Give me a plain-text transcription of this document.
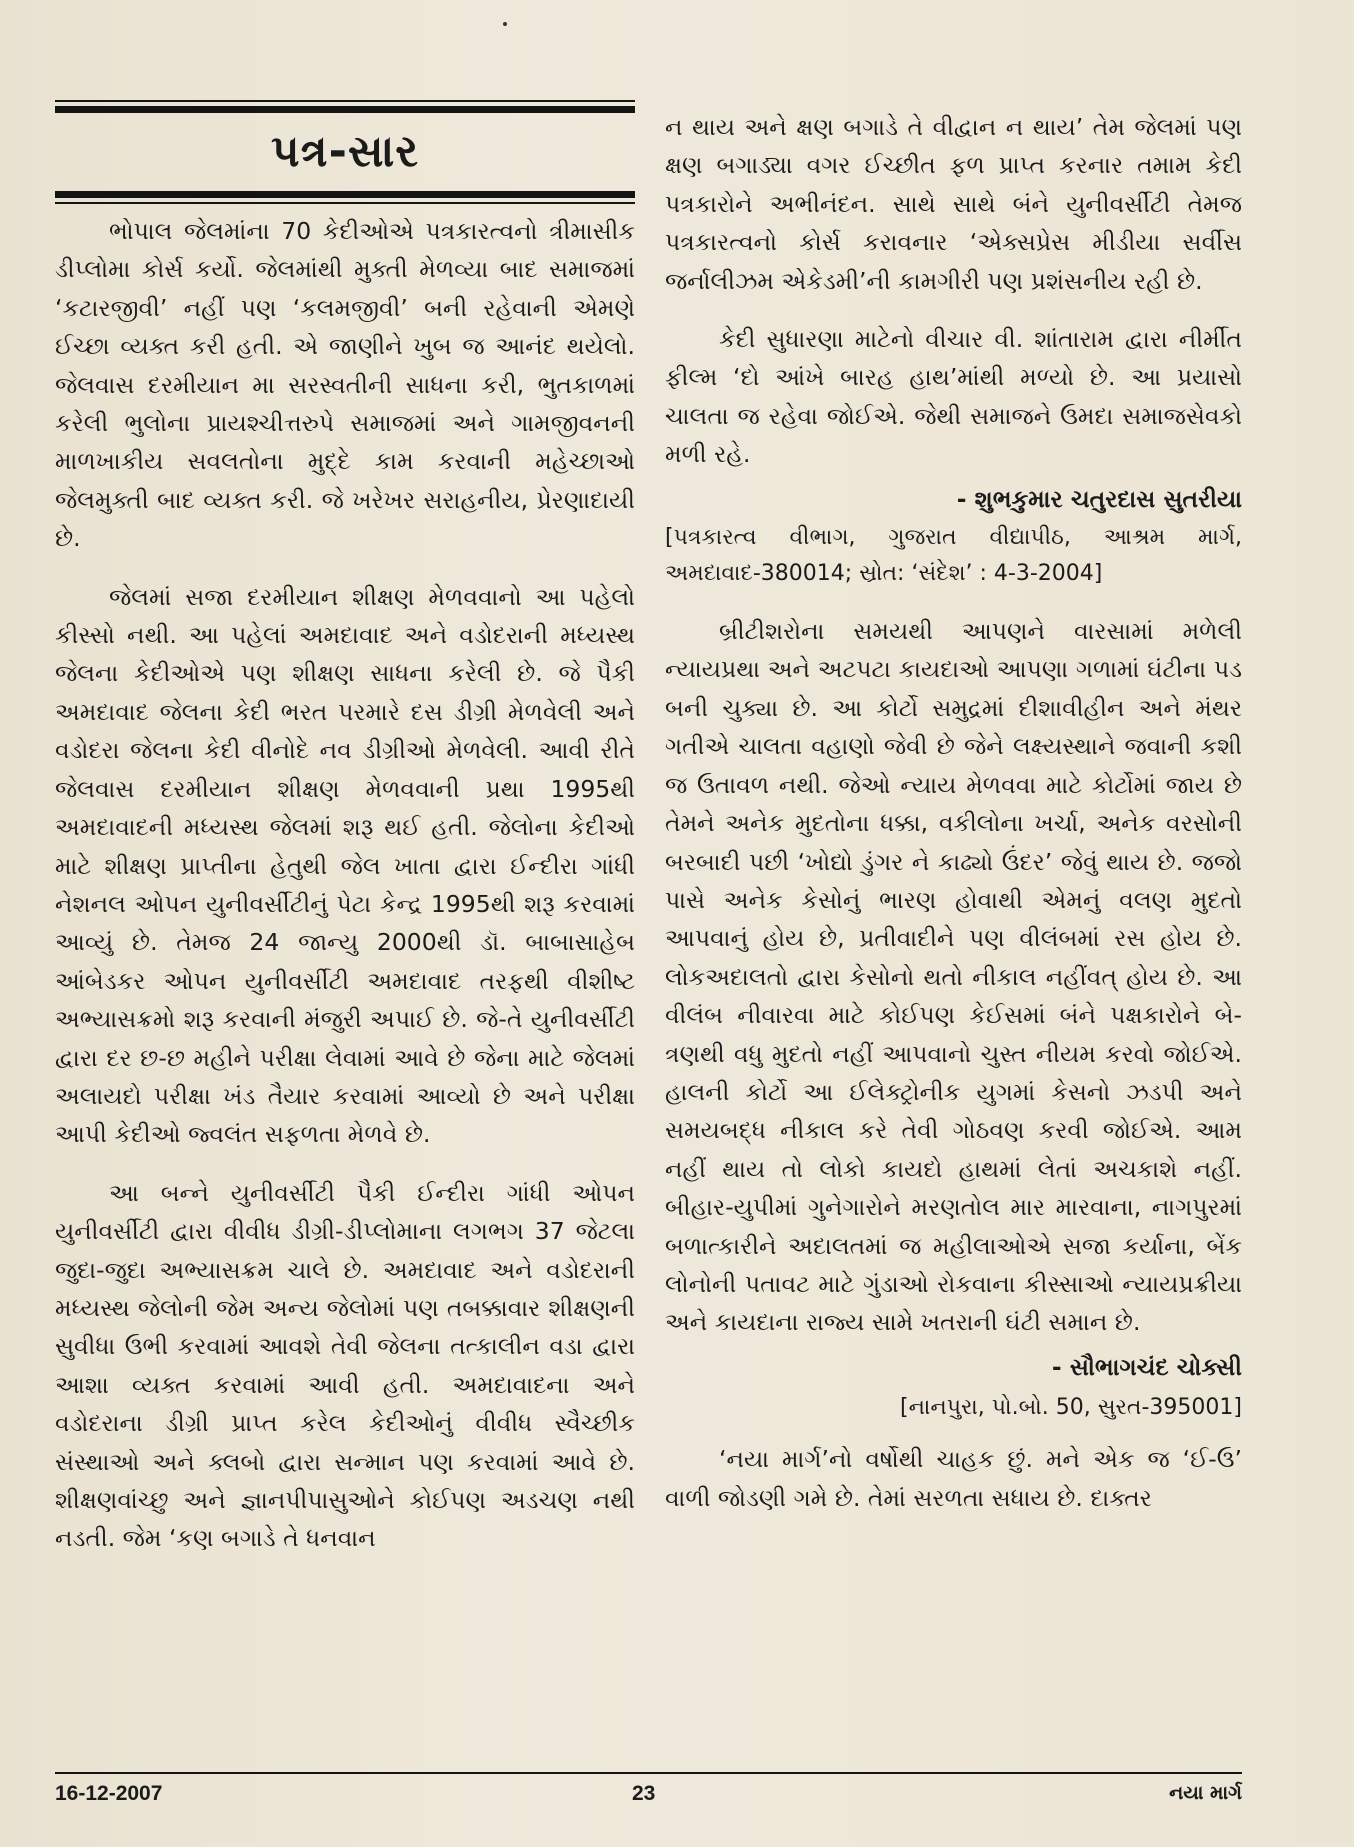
પત્ર-સાર

ભોપાલ જેલમાંના 70 કેદીઓએ પત્રકારત્વનો ત્રીમાસીક ડીપ્લોમા કોર્સ કર્યો. જેલમાંથી મુક્તી મેળવ્યા બાદ સમાજમાં ‘કટારજીવી’ નહીં પણ ‘કલમજીવી’ બની રહેવાની એમણે ઈચ્છા વ્યક્ત કરી હતી. એ જાણીને ખુબ જ આનંદ થયેલો. જેલવાસ દરમીયાન મા સરસ્વતીની સાધના કરી, ભુતકાળમાં કરેલી ભુલોના પ્રાયશ્ચીત્તરુપે સમાજમાં અને ગામજીવનની માળખાકીય સવલતોના મુદ્દે કામ કરવાની મહેચ્છાઓ જેલમુક્તી બાદ વ્યક્ત કરી. જે ખરેખર સરાહનીય, પ્રેરણાદાયી છે.

જેલમાં સજા દરમીયાન શીક્ષણ મેળવવાનો આ પહેલો કીસ્સો નથી. આ પહેલાં અમદાવાદ અને વડોદરાની મધ્યસ્થ જેલના કેદીઓએ પણ શીક્ષણ સાધના કરેલી છે. જે પૈકી અમદાવાદ જેલના કેદી ભરત પરમારે દસ ડીગ્રી મેળવેલી અને વડોદરા જેલના કેદી વીનોદે નવ ડીગ્રીઓ મેળવેલી. આવી રીતે જેલવાસ દરમીયાન શીક્ષણ મેળવવાની પ્રથા 1995થી અમદાવાદની મધ્યસ્થ જેલમાં શરૂ થઈ હતી. જેલોના કેદીઓ માટે શીક્ષણ પ્રાપ્તીના હેતુથી જેલ ખાતા દ્વારા ઈન્દીરા ગાંધી નેશનલ ઓપન યુનીવર્સીટીનું પેટા કેન્દ્ર 1995થી શરૂ કરવામાં આવ્યું છે. તેમજ 24 જાન્યુ 2000થી ડૉ. બાબાસાહેબ આંબેડકર ઓપન યુનીવર્સીટી અમદાવાદ તરફથી વીશીષ્ટ અભ્યાસક્રમો શરૂ કરવાની મંજુરી અપાઈ છે. જે-તે યુનીવર્સીટી દ્વારા દર છ-છ મહીને પરીક્ષા લેવામાં આવે છે જેના માટે જેલમાં અલાયદો પરીક્ષા ખંડ તૈયાર કરવામાં આવ્યો છે અને પરીક્ષા આપી કેદીઓ જ્વલંત સફળતા મેળવે છે.

આ બન્ને યુનીવર્સીટી પૈકી ઈન્દીરા ગાંધી ઓપન યુનીવર્સીટી દ્વારા વીવીધ ડીગ્રી-ડીપ્લોમાના લગભગ 37 જેટલા જુદા-જુદા અભ્યાસક્રમ ચાલે છે. અમદાવાદ અને વડોદરાની મધ્યસ્થ જેલોની જેમ અન્ય જેલોમાં પણ તબક્કાવાર શીક્ષણની સુવીધા ઉભી કરવામાં આવશે તેવી જેલના તત્કાલીન વડા દ્વારા આશા વ્યક્ત કરવામાં આવી હતી. અમદાવાદના અને વડોદરાના ડીગ્રી પ્રાપ્ત કરેલ કેદીઓનું વીવીધ સ્વૈચ્છીક સંસ્થાઓ અને ક્લબો દ્વારા સન્માન પણ કરવામાં આવે છે. શીક્ષણવાંચ્છુ અને જ્ઞાનપીપાસુઓને કોઈપણ અડચણ નથી નડતી. જેમ ‘કણ બગાડે તે ધનવાન

ન થાય અને ક્ષણ બગાડે તે વીદ્વાન ન થાય’ તેમ જેલમાં પણ ક્ષણ બગાડ્યા વગર ઈચ્છીત ફળ પ્રાપ્ત કરનાર તમામ કેદી પત્રકારોને અભીનંદન. સાથે સાથે બંને યુનીવર્સીટી તેમજ પત્રકારત્વનો કોર્સ કરાવનાર ‘એક્સપ્રેસ મીડીયા સર્વીસ જર્નાલીઝમ એકેડમી’ની કામગીરી પણ પ્રશંસનીય રહી છે.

કેદી સુધારણા માટેનો વીચાર વી. શાંતારામ દ્વારા નીર્મીત ફીલ્મ ‘દો આંખે બારહ હાથ’માંથી મળ્યો છે. આ પ્રયાસો ચાલતા જ રહેવા જોઈએ. જેથી સમાજને ઉમદા સમાજસેવકો મળી રહે.

- શુભકુમાર ચતુરદાસ સુતરીયા
[પત્રકારત્વ વીભાગ, ગુજરાત વીદ્યાપીઠ, આશ્રમ માર્ગ, અમદાવાદ-380014; સ્રોત: ‘સંદેશ’ : 4-3-2004]

બ્રીટીશરોના સમયથી આપણને વારસામાં મળેલી ન્યાયપ્રથા અને અટપટા કાયદાઓ આપણા ગળામાં ઘંટીના પડ બની ચુક્યા છે. આ કોર્ટો સમુદ્રમાં દીશાવીહીન અને મંથર ગતીએ ચાલતા વહાણો જેવી છે જેને લક્ષ્યસ્થાને જવાની કશી જ ઉતાવળ નથી. જેઓ ન્યાય મેળવવા માટે કોર્ટોમાં જાય છે તેમને અનેક મુદતોના ધક્કા, વકીલોના ખર્ચા, અનેક વરસોની બરબાદી પછી ‘ખોદ્યો ડુંગર ને કાઢ્યો ઉંદર’ જેવું થાય છે. જજો પાસે અનેક કેસોનું ભારણ હોવાથી એમનું વલણ મુદતો આપવાનું હોય છે, પ્રતીવાદીને પણ વીલંબમાં રસ હોય છે. લોકઅદાલતો દ્વારા કેસોનો થતો નીકાલ નહીંવત્ હોય છે. આ વીલંબ નીવારવા માટે કોઈપણ કેઈસમાં બંને પક્ષકારોને બે-ત્રણથી વધુ મુદતો નહીં આપવાનો ચુસ્ત નીયમ કરવો જોઈએ. હાલની કોર્ટો આ ઈલેક્ટ્રોનીક યુગમાં કેસનો ઝડપી અને સમયબદ્ધ નીકાલ કરે તેવી ગોઠવણ કરવી જોઈએ. આમ નહીં થાય તો લોકો કાયદો હાથમાં લેતાં અચકાશે નહીં. બીહાર-યુપીમાં ગુનેગારોને મરણતોલ માર મારવાના, નાગપુરમાં બળાત્કારીને અદાલતમાં જ મહીલાઓએ સજા કર્યાના, બેંક લોનોની પતાવટ માટે ગુંડાઓ રોકવાના કીસ્સાઓ ન્યાયપ્રક્રીયા અને કાયદાના રાજ્ય સામે ખતરાની ઘંટી સમાન છે.

- સૌભાગચંદ ચોક્સી
[નાનપુરા, પો.બો. 50, સુરત-395001]

‘નયા માર્ગ’નો વર્ષોથી ચાહક છું. મને એક જ ‘ઈ-ઉ’ વાળી જોડણી ગમે છે. તેમાં સરળતા સધાય છે. દાક્તર

16-12-2007	23	નયા માર્ગ
